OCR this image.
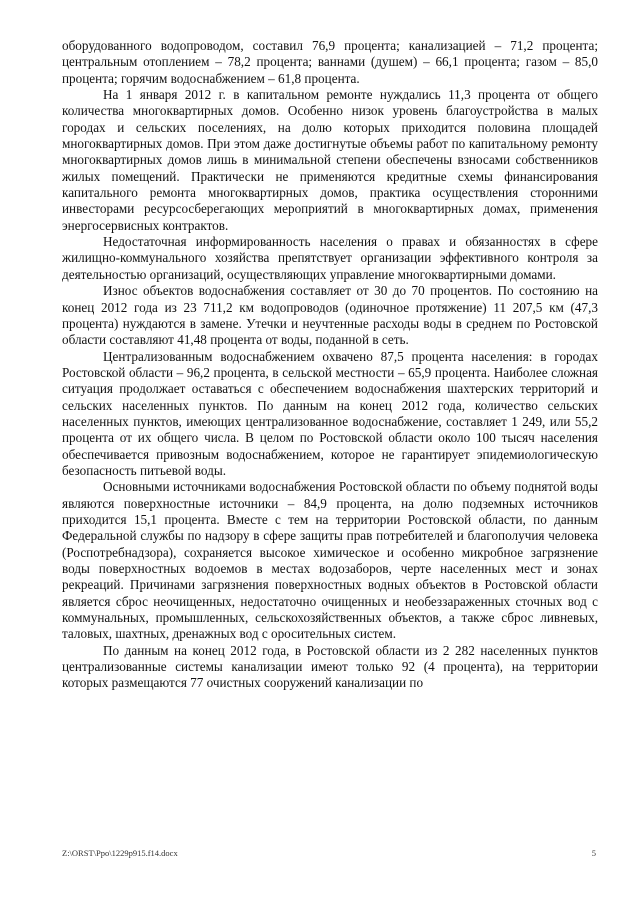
оборудованного водопроводом, составил 76,9 процента; канализацией – 71,2 процента; центральным отоплением – 78,2 процента; ваннами (душем) – 66,1 процента; газом – 85,0 процента; горячим водоснабжением – 61,8 процента.

На 1 января 2012 г. в капитальном ремонте нуждались 11,3 процента от общего количества многоквартирных домов. Особенно низок уровень благоустройства в малых городах и сельских поселениях, на долю которых приходится половина площадей многоквартирных домов. При этом даже достигнутые объемы работ по капитальному ремонту многоквартирных домов лишь в минимальной степени обеспечены взносами собственников жилых помещений. Практически не применяются кредитные схемы финансирования капитального ремонта многоквартирных домов, практика осуществления сторонними инвесторами ресурсосберегающих мероприятий в многоквартирных домах, применения энергосервисных контрактов.

Недостаточная информированность населения о правах и обязанностях в сфере жилищно-коммунального хозяйства препятствует организации эффективного контроля за деятельностью организаций, осуществляющих управление многоквартирными домами.

Износ объектов водоснабжения составляет от 30 до 70 процентов. По состоянию на конец 2012 года из 23 711,2 км водопроводов (одиночное протяжение) 11 207,5 км (47,3 процента) нуждаются в замене. Утечки и неучтенные расходы воды в среднем по Ростовской области составляют 41,48 процента от воды, поданной в сеть.

Централизованным водоснабжением охвачено 87,5 процента населения: в городах Ростовской области – 96,2 процента, в сельской местности – 65,9 процента. Наиболее сложная ситуация продолжает оставаться с обеспечением водоснабжения шахтерских территорий и сельских населенных пунктов. По данным на конец 2012 года, количество сельских населенных пунктов, имеющих централизованное водоснабжение, составляет 1 249, или 55,2 процента от их общего числа. В целом по Ростовской области около 100 тысяч населения обеспечивается привозным водоснабжением, которое не гарантирует эпидемиологическую безопасность питьевой воды.

Основными источниками водоснабжения Ростовской области по объему поднятой воды являются поверхностные источники – 84,9 процента, на долю подземных источников приходится 15,1 процента. Вместе с тем на территории Ростовской области, по данным Федеральной службы по надзору в сфере защиты прав потребителей и благополучия человека (Роспотребнадзора), сохраняется высокое химическое и особенно микробное загрязнение воды поверхностных водоемов в местах водозаборов, черте населенных мест и зонах рекреаций. Причинами загрязнения поверхностных водных объектов в Ростовской области является сброс неочищенных, недостаточно очищенных и необеззараженных сточных вод с коммунальных, промышленных, сельскохозяйственных объектов, а также сброс ливневых, таловых, шахтных, дренажных вод с оросительных систем.

По данным на конец 2012 года, в Ростовской области из 2 282 населенных пунктов централизованные системы канализации имеют только 92 (4 процента), на территории которых размещаются 77 очистных сооружений канализации по

Z:\ORST\Ppo\1229p915.f14.docx	5
